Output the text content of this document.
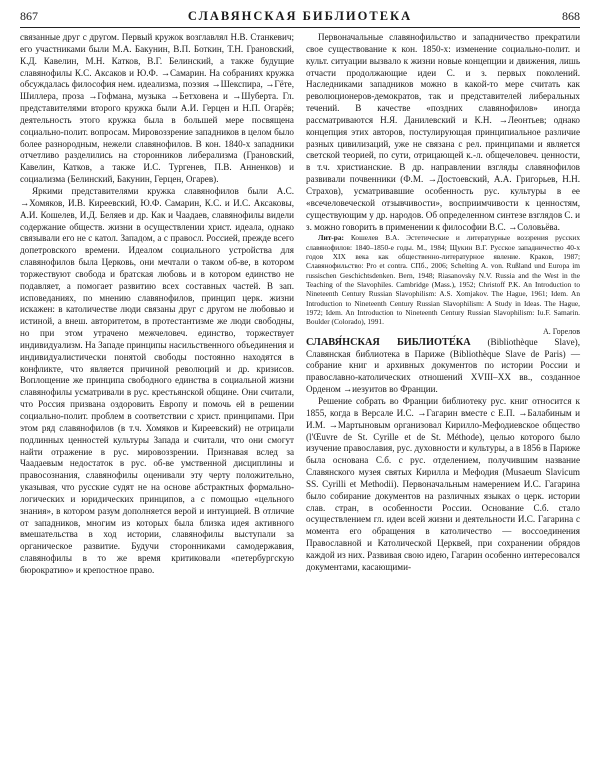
867	СЛАВЯНСКАЯ БИБЛИОТЕКА	868

связанные друг с другом. Первый кружок возглавлял Н.В. Станкевич; его участниками были М.А. Бакунин, В.П. Боткин, Т.Н. Грановский, К.Д. Кавелин, М.Н. Катков, В.Г. Белинский, а также будущие славянофилы К.С. Аксаков и Ю.Ф. →Самарин. На собраниях кружка обсуждалась философия нем. идеализма, поэзия →Шекспира, →Гёте, Шиллера, проза →Гофмана, музыка →Бетховена и →Шуберта. Гл. представителями второго кружка были А.И. Герцен и Н.П. Огарёв; деятельность этого кружка была в большей мере посвящена социально-полит. вопросам. Мировоззрение западников в целом было более разнородным, нежели славянофилов. В кон. 1840-х западники отчетливо разделились на сторонников либерализма (Грановский, Кавелин, Катков, а также И.С. Тургенев, П.В. Анненков) и социализма (Белинский, Бакунин, Герцен, Огарев).

Яркими представителями кружка славянофилов были А.С. →Хомяков, И.В. Киреевский, Ю.Ф. Самарин, К.С. и И.С. Аксаковы, А.И. Кошелев, И.Д. Беляев и др. Как и Чаадаев, славянофилы видели содержание обществ. жизни в осуществлении христ. идеала, однако связывали его не с катол. Западом, а с правосл. Россией, прежде всего допетровского времени. Идеалом социального устройства для славянофилов была Церковь, они мечтали о таком об-ве, в котором торжествуют свобода и братская любовь и в котором единство не подавляет, а помогает развитию всех составных частей. В зап. исповеданиях, по мнению славянофилов, принцип церк. жизни искажен: в католичестве люди связаны друг с другом не любовью и истиной, а внеш. авторитетом, в протестантизме же люди свободны, но при этом утрачено межчеловеч. единство, торжествует индивидуализм. На Западе принципы насильственного объединения и индивидуалистически понятой свободы постоянно находятся в конфликте, что является причиной революций и др. кризисов. Воплощение же принципа свободного единства в социальной жизни славянофилы усматривали в рус. крестьянской общине. Они считали, что Россия призвана оздоровить Европу и помочь ей в решении социально-полит. проблем в соответствии с христ. принципами. При этом ряд славянофилов (в т.ч. Хомяков и Киреевский) не отрицали подлинных ценностей культуры Запада и считали, что они смогут найти отражение в рус. мировоззрении. Признавая вслед за Чаадаевым недостаток в рус. об-ве умственной дисциплины и правосознания, славянофилы оценивали эту черту положительно, указывая, что русские судят не на основе абстрактных формально-логических и юридических принципов, а с помощью «цельного знания», в котором разум дополняется верой и интуицией. В отличие от западников, многим из которых была близка идея активного вмешательства в ход истории, славянофилы выступали за органическое развитие. Будучи сторонниками самодержавия, славянофилы в то же время критиковали «петербургскую бюрократию» и крепостное право.

Первоначальные славянофильство и западничество прекратили свое существование к кон. 1850-х: изменение социально-полит. и культ. ситуации вызвало к жизни новые концепции и движения, лишь отчасти продолжающие идеи С. и з. первых поколений. Наследниками западников можно в какой-то мере считать как революционеров-демократов, так и представителей либеральных течений. В качестве «поздних славянофилов» иногда рассматриваются Н.Я. Данилевский и К.Н. →Леонтьев; однако концепция этих авторов, постулирующая принципиальное различие разных цивилизаций, уже не связана с рел. принципами и является светской теорией, по сути, отрицающей к.-л. общечеловеч. ценности, в т.ч. христианские. В др. направлении взгляды славянофилов развивали почвенники (Ф.М. →Достоевский, А.А. Григорьев, Н.Н. Страхов), усматривавшие особенность рус. культуры в ее «всечеловеческой отзывчивости», восприимчивости к ценностям, существующим у др. народов. Об определенном синтезе взглядов С. и з. можно говорить в применении к философии В.С. →Соловьёва.

Лит-ра: Кошелев В.А. Эстетические и литературные воззрения русских славянофилов: 1840–1850-е годы. М., 1984; Щукин В.Г. Русское западничество 40-х годов XIX века как общественно-литературное явление. Краков, 1987; Славянофильство: Pro et contra. СПб., 2006; Schelting A. von. Rußland und Europa im russischen Geschichtsdenken. Bern, 1948; Riasanovsky N.V. Russia and the West in the Teaching of the Slavophiles. Cambridge (Mass.), 1952; Christoff P.K. An Introduction to Nineteenth Century Russian Slavophilism: A.S. Xomjakov. The Hague, 1961; Idem. An Introduction to Nineteenth Century Russian Slavophilism: A Study in Ideas. The Hague, 1972; Idem. An Introduction to Nineteenth Century Russian Slavophilism: Iu.F. Samarin. Boulder (Colorado), 1991.

А. Горелов

СЛАВЯ́НСКАЯ БИБЛИОТЕ́КА (Bibliothèque Slave), Славянская библиотека в Париже (Bibliothèque Slave de Paris) — собрание книг и архивных документов по истории России и православно-католических отношений XVIII–XX вв., созданное Орденом →иезуитов во Франции.

Решение собрать во Франции библиотеку рус. книг относится к 1855, когда в Версале И.С. →Гагарин вместе с Е.П. →Балабиным и И.М. →Мартыновым организовал Кирилло-Мефодиевское общество (l'Œuvre de St. Cyrille et de St. Méthode), целью которого было изучение православия, рус. духовности и культуры, а в 1856 в Париже была основана С.б. с рус. отделением, получившим название Славянского музея святых Кирилла и Мефодия (Musaeum Slavicum SS. Cyrilli et Methodii). Первоначальным намерением И.С. Гагарина было собирание документов на различных языках о церк. истории слав. стран, в особенности России. Основание С.б. стало осуществлением гл. идеи всей жизни и деятельности И.С. Гагарина с момента его обращения в католичество — воссоединения Православной и Католической Церквей, при сохранении обрядов каждой из них. Развивая свою идею, Гагарин особенно интересовался документами, касающими-
